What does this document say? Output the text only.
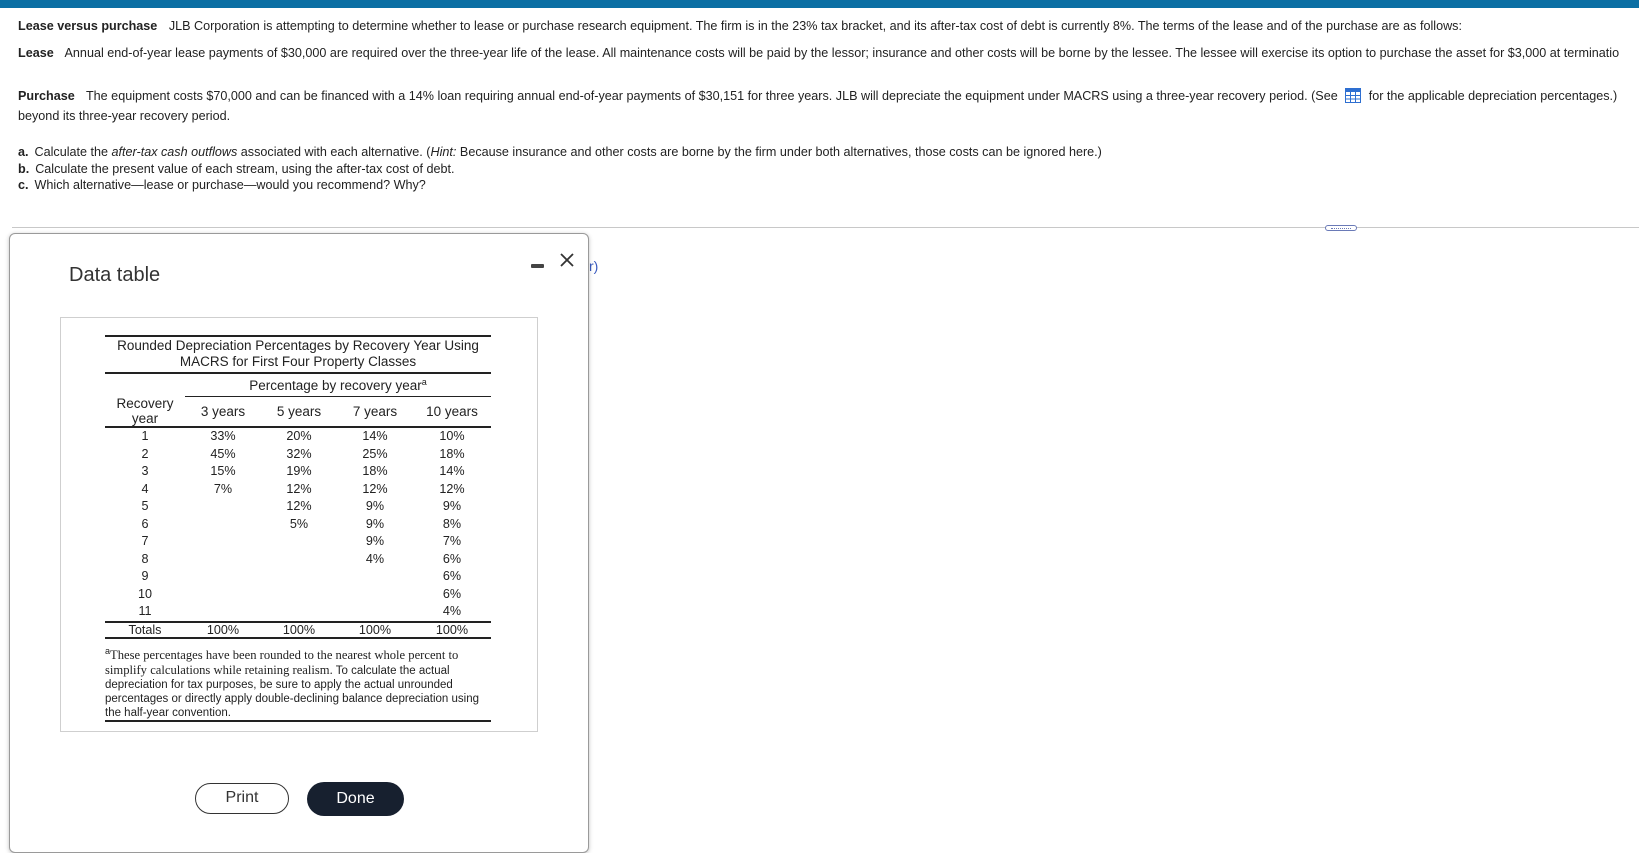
Lease versus purchase JLB Corporation is attempting to determine whether to lease or purchase research equipment. The firm is in the 23% tax bracket, and its after-tax cost of debt is currently 8%. The terms of the lease and of the purchase are as follows:
Lease Annual end-of-year lease payments of $30,000 are required over the three-year life of the lease. All maintenance costs will be paid by the lessor; insurance and other costs will be borne by the lessee. The lessee will exercise its option to purchase the asset for $3,000 at terminatio
Purchase The equipment costs $70,000 and can be financed with a 14% loan requiring annual end-of-year payments of $30,151 for three years. JLB will depreciate the equipment under MACRS using a three-year recovery period. (See for the applicable depreciation percentages.)
beyond its three-year recovery period.
a. Calculate the after-tax cash outflows associated with each alternative. (Hint: Because insurance and other costs are borne by the firm under both alternatives, those costs can be ignored here.)
b. Calculate the present value of each stream, using the after-tax cost of debt.
c. Which alternative—lease or purchase—would you recommend? Why?
r)
Data table
Rounded Depreciation Percentages by Recovery Year Using
MACRS for First Four Property Classes
	Percentage by recovery year$^a$

Recovery
year	3 years	5 years	7 years	10 years
1	33%	20%	14%	10%
2	45%	32%	25%	18%
3	15%	19%	18%	14%
4	7%	12%	12%	12%
5		12%	9%	9%
6		5%	9%	8%
7			9%	7%
8			4%	6%
9				6%
10				6%
11				4%
Totals	100%	100%	100%	100%
$^a$These percentages have been rounded to the nearest whole percent to simplify calculations while retaining realism. To calculate the actual depreciation for tax purposes, be sure to apply the actual unrounded percentages or directly apply double-declining balance depreciation using the half-year convention.
Print	Done
